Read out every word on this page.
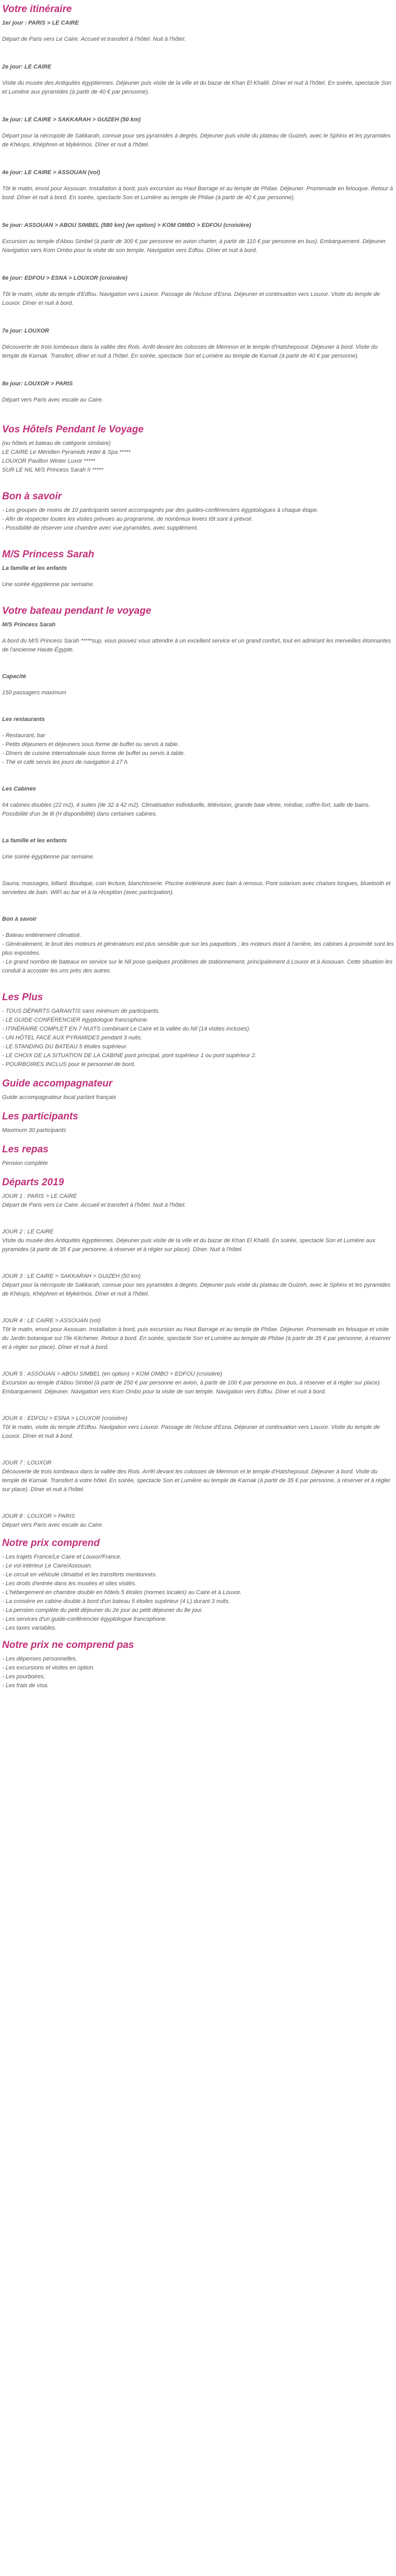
Votre itinéraire

1er jour : PARIS > LE CAIRE

Départ de Paris vers Le Caire. Accueil et transfert à l'hôtel. Nuit à l'hôtel.

2e jour: LE CAIRE

Visite du musée des Antiquités égyptiennes. Déjeuner puis visite de la ville et du bazar de Khan El Khalili. Dîner et nuit à l'hôtel. En soirée, spectacle Son et Lumière aux pyramides (à partir de 40 € par personne).

3e jour: LE CAIRE > SAKKARAH > GUIZEH (50 km)

Départ pour la nécropole de Sakkarah, connue pour ses pyramides à degrés. Déjeuner puis visite du plateau de Guizeh, avec le Sphinx et les pyramides de Khéops, Khéphren et Mykérinos. Dîner et nuit à l'hôtel.

4e jour: LE CAIRE > ASSOUAN (vol)

Tôt le matin, envol pour Assouan. Installation à bord, puis excursion au Haut Barrage et au temple de Philae. Déjeuner. Promenade en felouque. Retour à bord. Dîner et nuit à bord. En soirée, spectacle Son et Lumière au temple de Philae (à partir de 40 € par personne).

5e jour: ASSOUAN > ABOU SIMBEL (580 km) (en option) > KOM OMBO > EDFOU (croisière)

Excursion au temple d'Abou Simbel (à partir de 300 € par personne en avion charter, à partir de 110 € par personne en bus). Embarquement. Déjeuner. Navigation vers Kom Ombo pour la visite de son temple. Navigation vers Edfou. Dîner et nuit à bord.

6e jour: EDFOU > ESNA > LOUXOR (croisière)

Tôt le matin, visite du temple d'Edfou. Navigation vers Louxor. Passage de l'écluse d'Esna. Déjeuner et continuation vers Louxor. Visite du temple de Louxor. Dîner et nuit à bord.

7e jour: LOUXOR

Découverte de trois tombeaux dans la vallée des Rois. Arrêt devant les colosses de Memnon et le temple d'Hatshepsout. Déjeuner à bord. Visite du temple de Karnak. Transfert, dîner et nuit à l'hôtel. En soirée, spectacle Son et Lumière au temple de Karnak (à partir de 40 € par personne).

8e jour: LOUXOR > PARIS

Départ vers Paris avec escale au Caire.

Vos Hôtels Pendant le Voyage
(ou hôtels et bateau de catégorie similaire)
LE CAIRE Le Méridien Pyramids Hotel & Spa *****
LOUXOR Pavillon Winter Luxor *****
SUR LE NIL M/S Princess Sarah II *****
Bon à savoir
- Les groupes de moins de 10 participants seront accompagnés par des guides-conférenciers égyptologues à chaque étape.
- Afin de respecter toutes les visites prévues au programme, de nombreux levers tôt sont à prévoir.
- Possibilité de réserver une chambre avec vue pyramides, avec supplément.
M/S Princess Sarah

La famille et les enfants

Une soirée égyptienne par semaine.

Votre bateau pendant le voyage

M/S Princess Sarah

A bord du M/S Princess Sarah *****sup, vous pouvez vous attendre à un excellent service et un grand confort, tout en admirant les merveilles étonnantes de l'ancienne Haute-Égypte.

Capacité

150 passagers maximum

Les restaurants

- Restaurant, bar
- Petits déjeuners et déjeuners sous forme de buffet ou servis à table.
- Dîners de cuisine internationale sous forme de buffet ou servis à table.
- Thé et café servis les jours de navigation à 17 h.

Les Cabines

64 cabines doubles (22 m2), 4 suites (de 32 à 42 m2). Climatisation individuelle, télévision, grande baie vitrée, minibar, coffre-fort, salle de bains. Possibilité d'un 3e lit (H disponibilité) dans certaines cabines.

La famille et les enfants

Une soirée égyptienne par semaine.

Sauna, massages, billard. Boutique, coin lecture, blanchisserie. Piscine extérieure avec bain à remous. Pont solarium avec chaises longues, bluetooth et serviettes de bain. WiFi au bar et à la réception (avec participation).

Bon à savoir

- Bateau entièrement climatisé.
- Généralement, le bruit des moteurs et générateurs est plus sensible que sur les paquebots ; les moteurs étant à l'arrière, les cabines à proximité sont les plus exposées.
- Le grand nombre de bateaux en service sur le Nil pose quelques problèmes de stationnement, principalement à Louxor et à Assouan. Cette situation les conduit à accoster les uns près des autres.
Les Plus
- TOUS DÉPARTS GARANTIS sans minimum de participants.
- LE GUIDE-CONFÉRENCIER égyptologue francophone.
- ITINÉRAIRE COMPLET EN 7 NUITS combinant Le Caire et la vallée du Nil (14 visites incluses).
- UN HÔTEL FACE AUX PYRAMIDES pendant 3 nuits.
- LE STANDING DU BATEAU 5 étoiles supérieur.
- LE CHOIX DE LA SITUATION DE LA CABINE pont principal, pont supérieur 1 ou pont supérieur 2.
- POURBOIRES INCLUS pour le personnel de bord.
Guide accompagnateur

Guide accompagnateur local parlant français

Les participants

Maximum 30 participants

Les repas

Pension complète

Départs 2019

JOUR 1 : PARIS > LE CAIRE

Départ de Paris vers Le Caire. Accueil et transfert à l'hôtel. Nuit à l'hôtel.

JOUR 2 : LE CAIRE

Visite du musée des Antiquités égyptiennes. Déjeuner puis visite de la ville et du bazar de Khan El Khalili. En soirée, spectacle Son et Lumière aux pyramides (à partir de 35 € par personne, à réserver et à régler sur place). Dîner. Nuit à l'hôtel.

JOUR 3 : LE CAIRE > SAKKARAH > GUIZEH (50 km)

Départ pour la nécropole de Sakkarah, connue pour ses pyramides à degrés. Déjeuner puis visite du plateau de Guizeh, avec le Sphinx et les pyramides de Khéops, Khéphren et Mykérinos. Dîner et nuit à l'hôtel.

JOUR 4 : LE CAIRE > ASSOUAN (vol)

Tôt le matin, envol pour Assouan. Installation à bord, puis excursion au Haut Barrage et au temple de Philae. Déjeuner. Promenade en felouque et visite du Jardin botanique sur l'île Kitchener. Retour à bord. En soirée, spectacle Son et Lumière au temple de Philae (à partir de 35 € par personne, à réserver et à régler sur place). Dîner et nuit à bord.

JOUR 5 : ASSOUAN > ABOU SIMBEL (en option) > KOM OMBO > EDFOU (croisière)

Excursion au temple d'Abou Simbel (à partir de 250 € par personne en avion, à partir de 100 € par personne en bus, à réserver et à régler sur place). Embarquement. Déjeuner. Navigation vers Kom Ombo pour la visite de son temple. Navigation vers Edfou. Dîner et nuit à bord.

JOUR 6 : EDFOU > ESNA > LOUXOR (croisière)

Tôt le matin, visite du temple d'Edfou. Navigation vers Louxor. Passage de l'écluse d'Esna. Déjeuner et continuation vers Louxor. Visite du temple de Louxor. Dîner et nuit à bord.

JOUR 7 : LOUXOR

Découverte de trois tombeaux dans la vallée des Rois. Arrêt devant les colosses de Memnon et le temple d'Hatshepsout. Déjeuner à bord. Visite du temple de Karnak. Transfert à votre hôtel. En soirée, spectacle Son et Lumière au temple de Karnak (à partir de 35 € par personne, à réserver et à régler sur place). Dîner et nuit à l'hôtel.

JOUR 8 : LOUXOR > PARIS

Départ vers Paris avec escale au Caire.

Notre prix comprend
- Les trajets France/Le Caire et Louxor/France.
- Le vol intérieur Le Caire/Assouan.
- Le circuit en véhicule climatisé et les transferts mentionnés.
- Les droits d'entrée dans les musées et sites visités.
- L'hébergement en chambre double en hôtels 5 étoiles (normes locales) au Caire et à Louxor.
- La croisière en cabine double à bord d'un bateau 5 étoiles supérieur (4 L) durant 3 nuits.
- La pension complète du petit déjeuner du 2e jour au petit déjeuner du 8e jour.
- Les services d'un guide-conférencier égyptologue francophone.
- Les taxes variables.
Notre prix ne comprend pas
- Les dépenses personnelles.
- Les excursions et visites en option.
- Les pourboires.
- Les frais de visa.
